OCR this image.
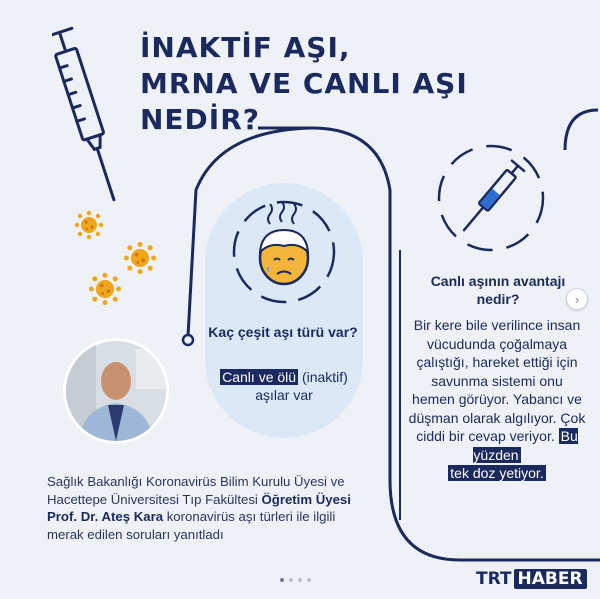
İNAKTİF AŞI,
MRNA VE CANLI AŞI
NEDİR?
Kaç çeşit aşı türü var?
Canlı ve ölü (inaktif)
aşılar var
Canlı aşının avantajı nedir?
Bir kere bile verilince insan vücudunda çoğalmaya çalıştığı, hareket ettiği için savunma sistemi onu hemen görüyor. Yabancı ve düşman olarak algılıyor. Çok ciddi bir cevap veriyor. Bu yüzden
tek doz yetiyor.
›
Sağlık Bakanlığı Koronavirüs Bilim Kurulu Üyesi ve Hacettepe Üniversitesi Tıp Fakültesi Öğretim Üyesi Prof. Dr. Ateş Kara koronavirüs aşı türleri ile ilgili merak edilen soruları yanıtladı
TRT HABER
